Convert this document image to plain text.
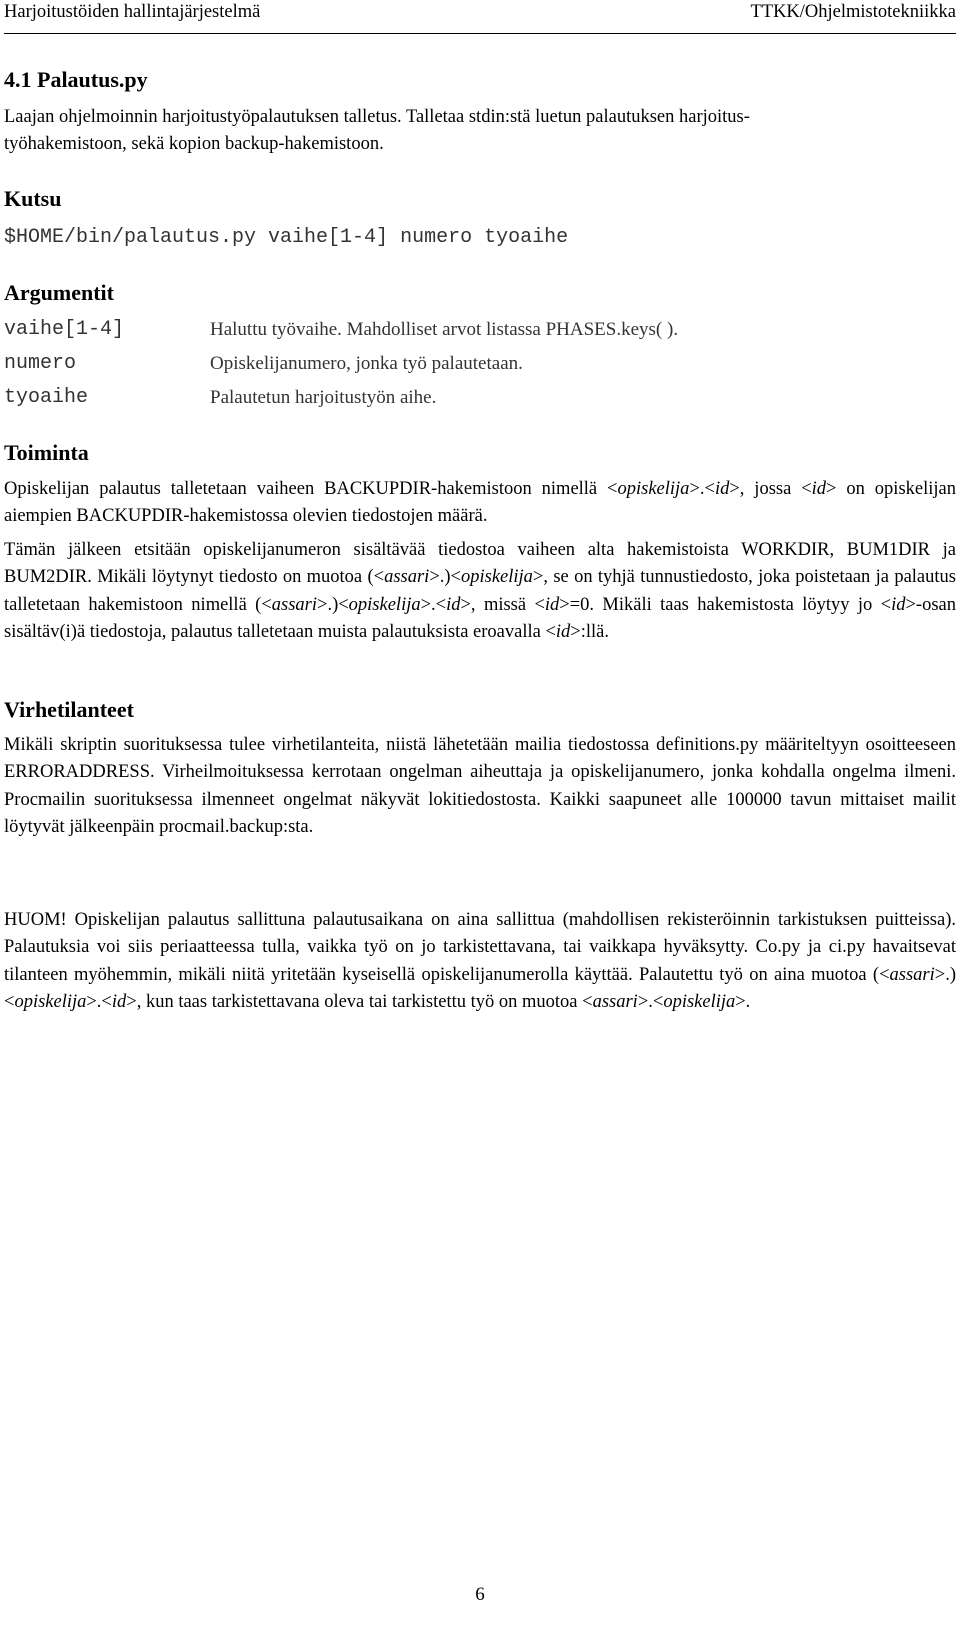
Harjoitustöiden hallintajärjestelmä	TTKK/Ohjelmistotekniikka
4.1 Palautus.py

Laajan ohjelmoinnin harjoitustyöpalautuksen talletus. Talletaa stdin:stä luetun palautuksen harjoitus-
työhakemistoon, sekä kopion backup-hakemistoon.

Kutsu
$HOME/bin/palautus.py vaihe[1-4] numero tyoaihe
Argumentit
vaihe[1-4]	Haluttu työvaihe. Mahdolliset arvot listassa PHASES.keys( ).
numero	Opiskelijanumero, jonka työ palautetaan.
tyoaihe	Palautetun harjoitustyön aihe.
Toiminta

Opiskelijan palautus talletetaan vaiheen BACKUPDIR-hakemistoon nimellä <opiskelija>.<id>, jossa <id> on opiskelijan aiempien BACKUPDIR-hakemistossa olevien tiedostojen määrä.

Tämän jälkeen etsitään opiskelijanumeron sisältävää tiedostoa vaiheen alta hakemistoista WORKDIR, BUM1DIR ja BUM2DIR. Mikäli löytynyt tiedosto on muotoa (<assari>.)<opiskelija>, se on tyhjä tunnustiedosto, joka poistetaan ja palautus talletetaan hakemistoon nimellä (<assari>.)<opiskelija>.<id>, missä <id>=0. Mikäli taas hakemistosta löytyy jo <id>-osan sisältäv(i)ä tiedostoja, palautus talletetaan muista palautuksista eroavalla <id>:llä.

Virhetilanteet

Mikäli skriptin suorituksessa tulee virhetilanteita, niistä lähetetään mailia tiedostossa definitions.py määriteltyyn osoitteeseen ERRORADDRESS. Virheilmoituksessa kerrotaan ongelman aiheuttaja ja opiskelijanumero, jonka kohdalla ongelma ilmeni. Procmailin suorituksessa ilmenneet ongelmat näkyvät lokitiedostosta. Kaikki saapuneet alle 100000 tavun mittaiset mailit löytyvät jälkeenpäin procmail.backup:sta.

HUOM! Opiskelijan palautus sallittuna palautusaikana on aina sallittua (mahdollisen rekisteröinnin tarkistuksen puitteissa). Palautuksia voi siis periaatteessa tulla, vaikka työ on jo tarkistettavana, tai vaikkapa hyväksytty. Co.py ja ci.py havaitsevat tilanteen myöhemmin, mikäli niitä yritetään kyseisellä opiskelijanumerolla käyttää. Palautettu työ on aina muotoa (<assari>.)<opiskelija>.<id>, kun taas tarkistettavana oleva tai tarkistettu työ on muotoa <assari>.<opiskelija>.

6
